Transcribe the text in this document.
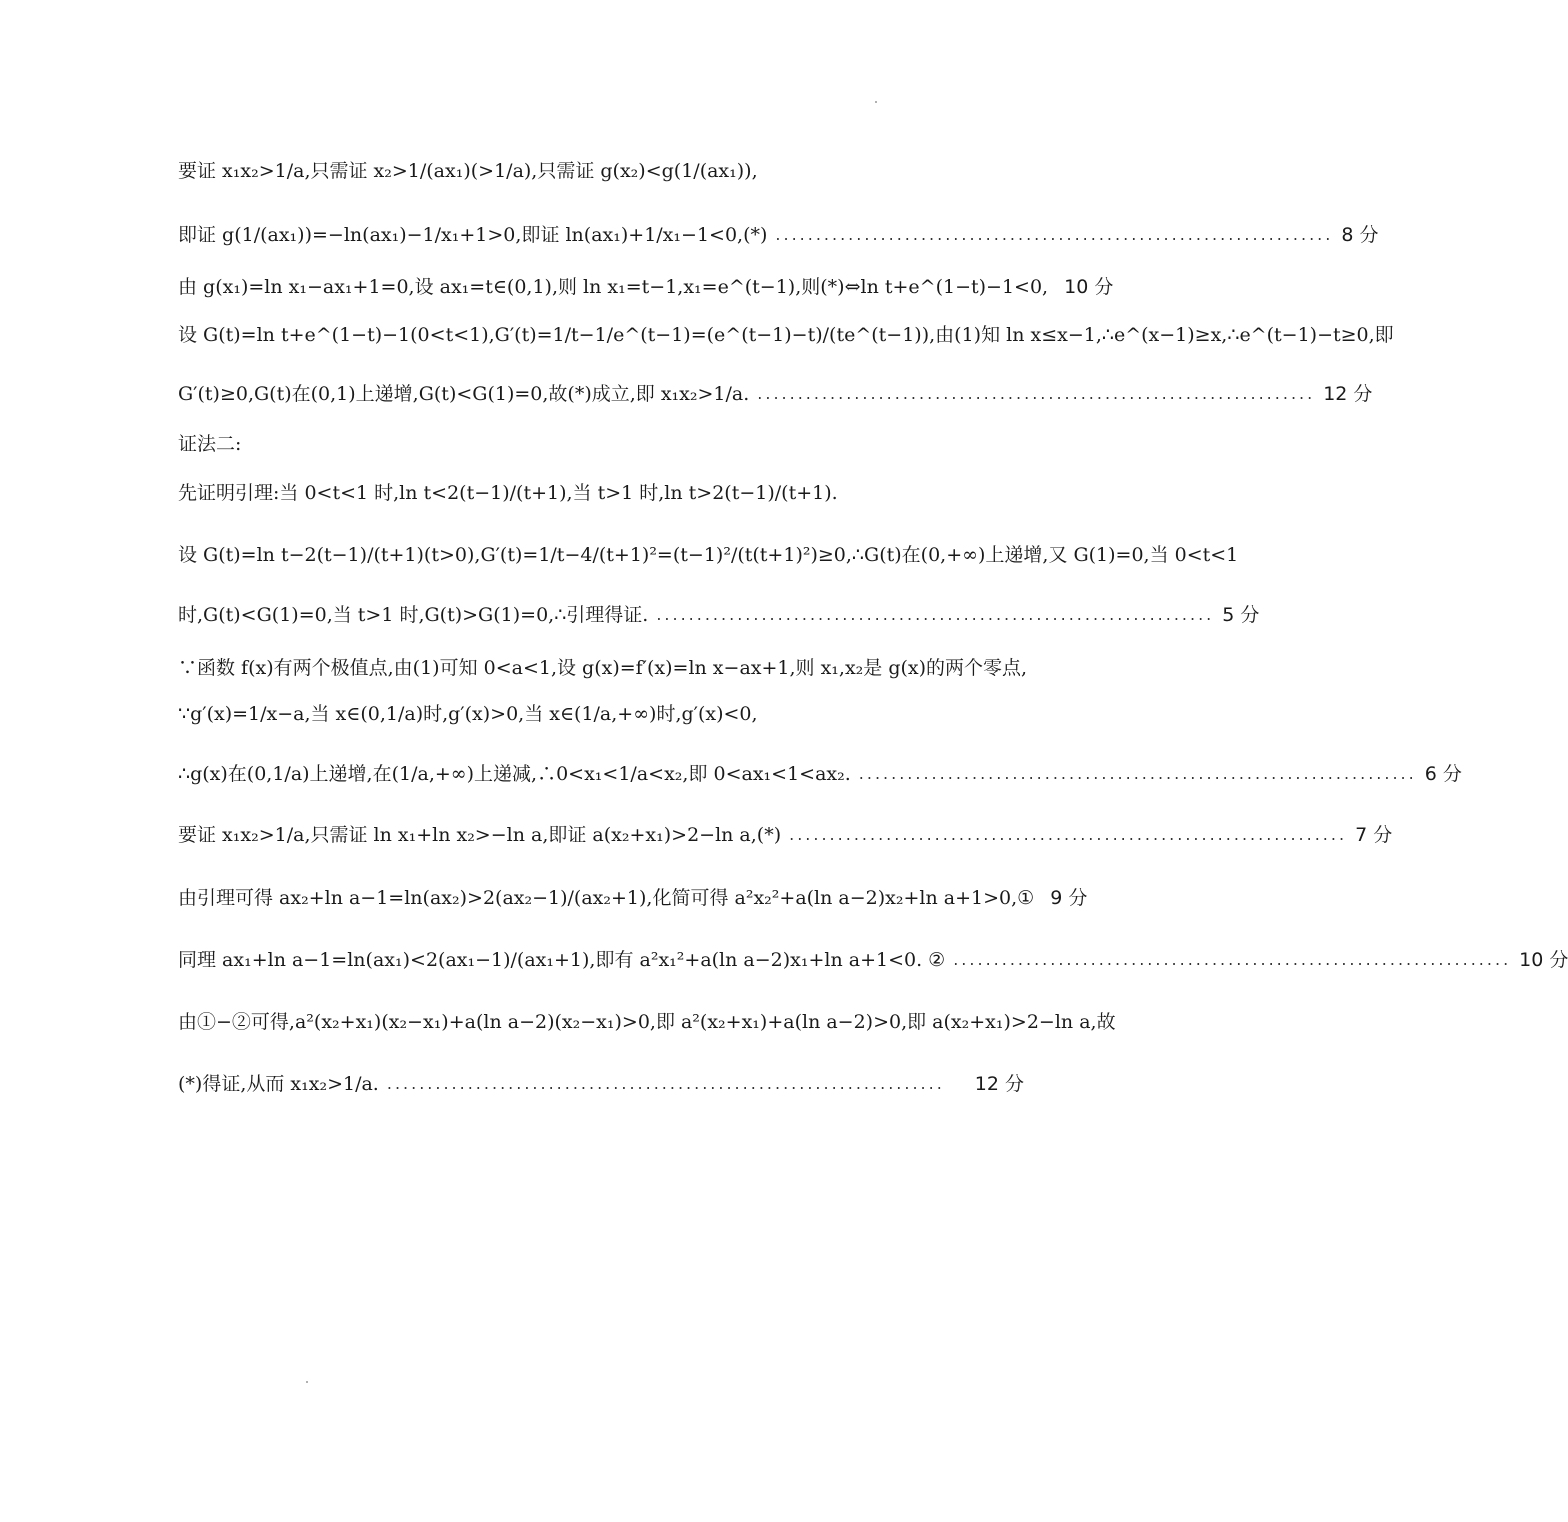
要证 x₁x₂>1/a,只需证 x₂>1/(ax₁)(>1/a),只需证 g(x₂)<g(1/(ax₁)),
即证 g(1/(ax₁))=−ln(ax₁)−1/x₁+1>0,即证 ln(ax₁)+1/x₁−1<0,(*) ..................................................................... 8 分
由 g(x₁)=ln x₁−ax₁+1=0,设 ax₁=t∈(0,1),则 ln x₁=t−1,x₁=e^(t−1),则(*)⇔ln t+e^(1−t)−1<0, 10 分
设 G(t)=ln t+e^(1−t)−1(0<t<1),G′(t)=1/t−1/e^(t−1)=(e^(t−1)−t)/(te^(t−1)),由(1)知 ln x≤x−1,∴e^(x−1)≥x,∴e^(t−1)−t≥0,即
G′(t)≥0,G(t)在(0,1)上递增,G(t)<G(1)=0,故(*)成立,即 x₁x₂>1/a. ..................................................................... 12 分
证法二:
先证明引理:当 0<t<1 时,ln t<2(t−1)/(t+1),当 t>1 时,ln t>2(t−1)/(t+1).
设 G(t)=ln t−2(t−1)/(t+1)(t>0),G′(t)=1/t−4/(t+1)²=(t−1)²/(t(t+1)²)≥0,∴G(t)在(0,+∞)上递增,又 G(1)=0,当 0<t<1
时,G(t)<G(1)=0,当 t>1 时,G(t)>G(1)=0,∴引理得证. ..................................................................... 5 分
∵函数 f(x)有两个极值点,由(1)可知 0<a<1,设 g(x)=f′(x)=ln x−ax+1,则 x₁,x₂是 g(x)的两个零点,
∵g′(x)=1/x−a,当 x∈(0,1/a)时,g′(x)>0,当 x∈(1/a,+∞)时,g′(x)<0,
∴g(x)在(0,1/a)上递增,在(1/a,+∞)上递减,∴0<x₁<1/a<x₂,即 0<ax₁<1<ax₂. ..................................................................... 6 分
要证 x₁x₂>1/a,只需证 ln x₁+ln x₂>−ln a,即证 a(x₂+x₁)>2−ln a,(*) ..................................................................... 7 分
由引理可得 ax₂+ln a−1=ln(ax₂)>2(ax₂−1)/(ax₂+1),化简可得 a²x₂²+a(ln a−2)x₂+ln a+1>0,① 9 分
同理 ax₁+ln a−1=ln(ax₁)<2(ax₁−1)/(ax₁+1),即有 a²x₁²+a(ln a−2)x₁+ln a+1<0. ② ..................................................................... 10 分
由①−②可得,a²(x₂+x₁)(x₂−x₁)+a(ln a−2)(x₂−x₁)>0,即 a²(x₂+x₁)+a(ln a−2)>0,即 a(x₂+x₁)>2−ln a,故
(*)得证,从而 x₁x₂>1/a. .....................................................................	12 分
